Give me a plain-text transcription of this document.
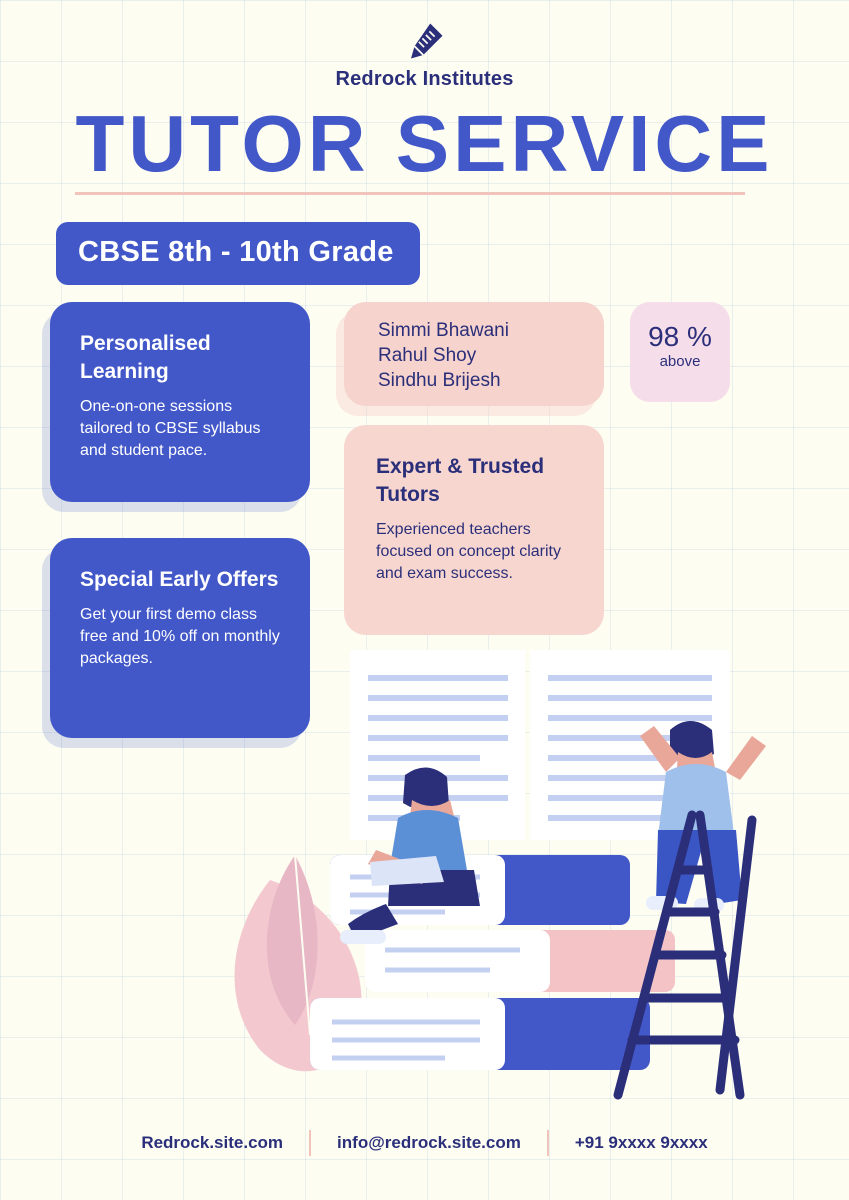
Redrock Institutes
TUTOR SERVICE
CBSE 8th - 10th Grade

Personalised Learning

One-on-one sessions tailored to CBSE syllabus and student pace.

Special Early Offers

Get your first demo class free and 10% off on monthly packages.

Simmi Bhawani
Rahul Shoy
Sindhu Brijesh

Expert & Trusted Tutors

Experienced teachers focused on concept clarity and exam success.

98 %
above
Redrock.site.com	info@redrock.site.com	+91 9xxxx 9xxxx
